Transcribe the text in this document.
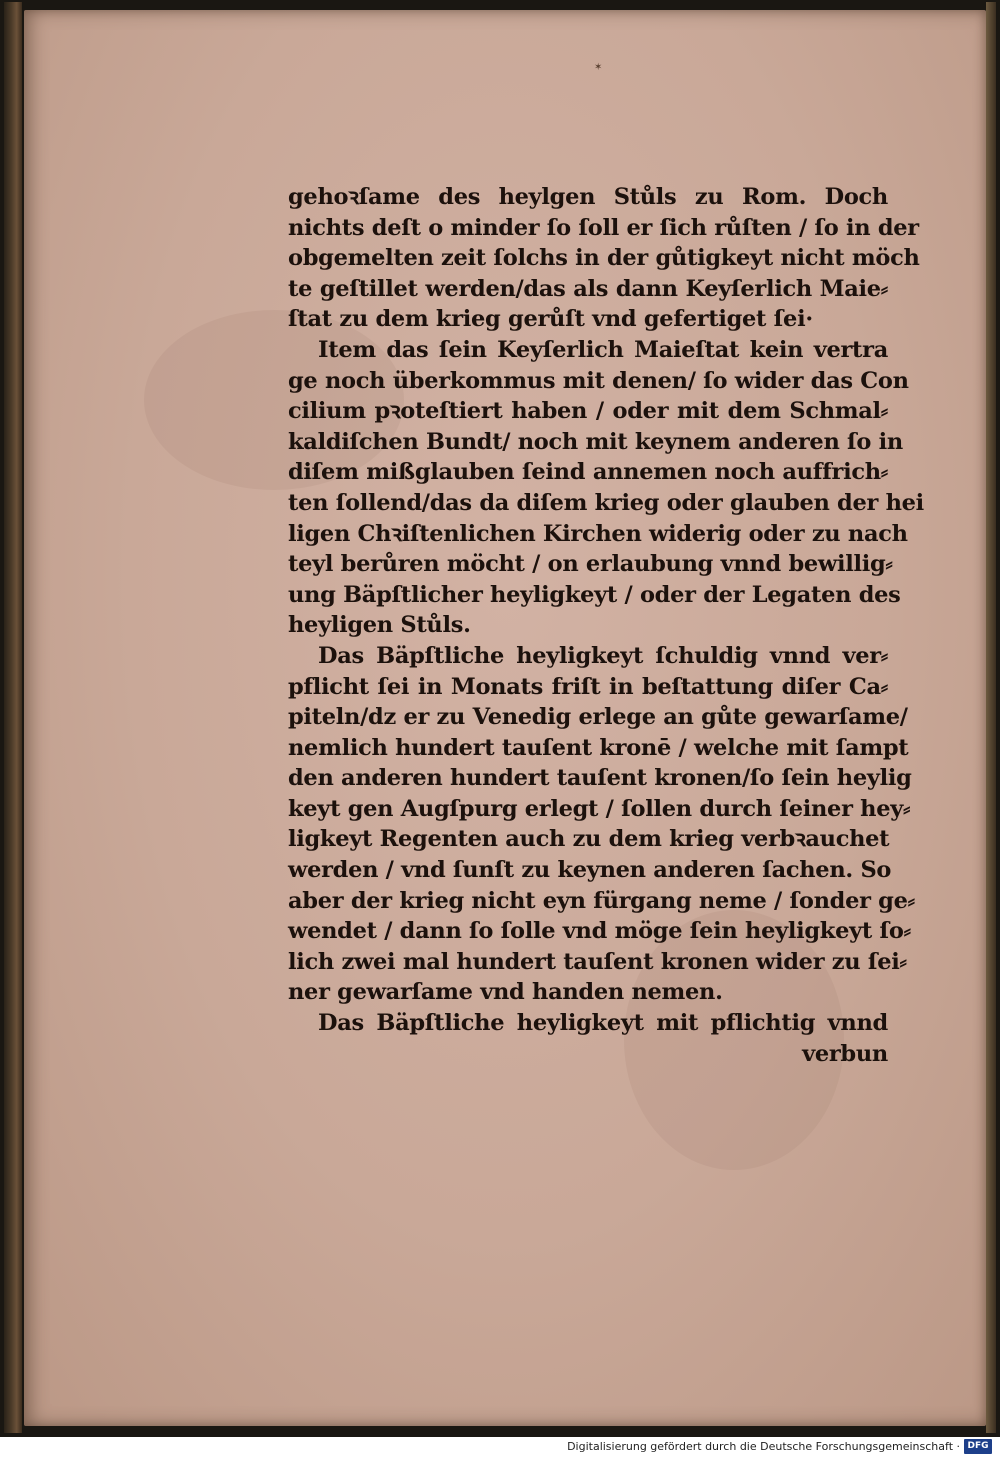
✶
gehoꝛſame des heylgen Stůls zu Rom. Doch
nichts deſt o minder ſo ſoll er ſich růſten / ſo in der
obgemelten zeit ſolchs in der gůtigkeyt nicht möch
te geſtillet werden/das als dann Keyſerlich Maie⸗
ſtat zu dem krieg gerůſt vnd gefertiget ſei·
Item das ſein Keyſerlich Maieſtat kein vertra
ge noch überkommus mit denen/ ſo wider das Con
cilium pꝛoteſtiert haben / oder mit dem Schmal⸗
kaldiſchen Bundt/ noch mit keynem anderen ſo in
diſem mißglauben ſeind annemen noch auffrich⸗
ten ſollend/das da diſem krieg oder glauben der hei
ligen Chꝛiſtenlichen Kirchen widerig oder zu nach
teyl berůren möcht / on erlaubung vnnd bewillig⸗
ung Bäpſtlicher heyligkeyt / oder der Legaten des
heyligen Stůls.
Das Bäpſtliche heyligkeyt ſchuldig vnnd ver⸗
pflicht ſei in Monats friſt in beſtattung diſer Ca⸗
piteln/dz er zu Venedig erlege an gůte gewarſame/
nemlich hundert tauſent kronē / welche mit ſampt
den anderen hundert tauſent kronen/ſo ſein heylig
keyt gen Augſpurg erlegt / ſollen durch ſeiner hey⸗
ligkeyt Regenten auch zu dem krieg verbꝛauchet
werden / vnd ſunſt zu keynen anderen ſachen. So
aber der krieg nicht eyn fürgang neme / ſonder ge⸗
wendet / dann ſo ſolle vnd möge ſein heyligkeyt ſo⸗
lich zwei mal hundert tauſent kronen wider zu ſei⸗
ner gewarſame vnd handen nemen.
Das Bäpſtliche heyligkeyt mit pflichtig vnnd
verbun
Digitalisierung gefördert durch die Deutsche Forschungsgemeinschaft · DFG
